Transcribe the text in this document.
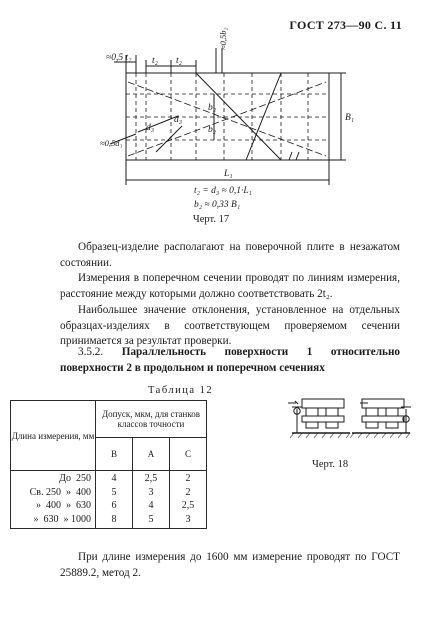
ГОСТ 273—90 С. 11
≈0,5 t₂ t₂ t₂
≈0,5b₂
b₂
b₂
d₃
d₃
≈0,5d₃
B₁
L₁
t₂ = d₃ ≈ 0,1·L₁
b₂ ≈ 0,33 B₁
Черт. 17
Образец-изделие располагают на поверочной плите в незажатом состоянии.
Измерения в поперечном сечении проводят по линиям измерения, расстояние между которыми должно соответствовать 2t₂.
Наибольшее значение отклонения, установленное на отдельных образцах-изделиях в соответствующем проверяемом сечении принимается за результат проверки.
3.5.2. Параллельность поверхности 1 относительно поверхности 2 в продольном и поперечном сечениях
Таблица 12
Длина измерения, мм	Допуск, мкм, для станков классов точности		
	В	А	С
До  250	4	2,5	2
Св. 250  »  400	5	3	2
»  400  »  630	6	4	2,5
»  630  » 1000	8	5	3
Черт. 18
При длине измерения до 1600 мм измерение проводят по ГОСТ 25889.2, метод 2.
